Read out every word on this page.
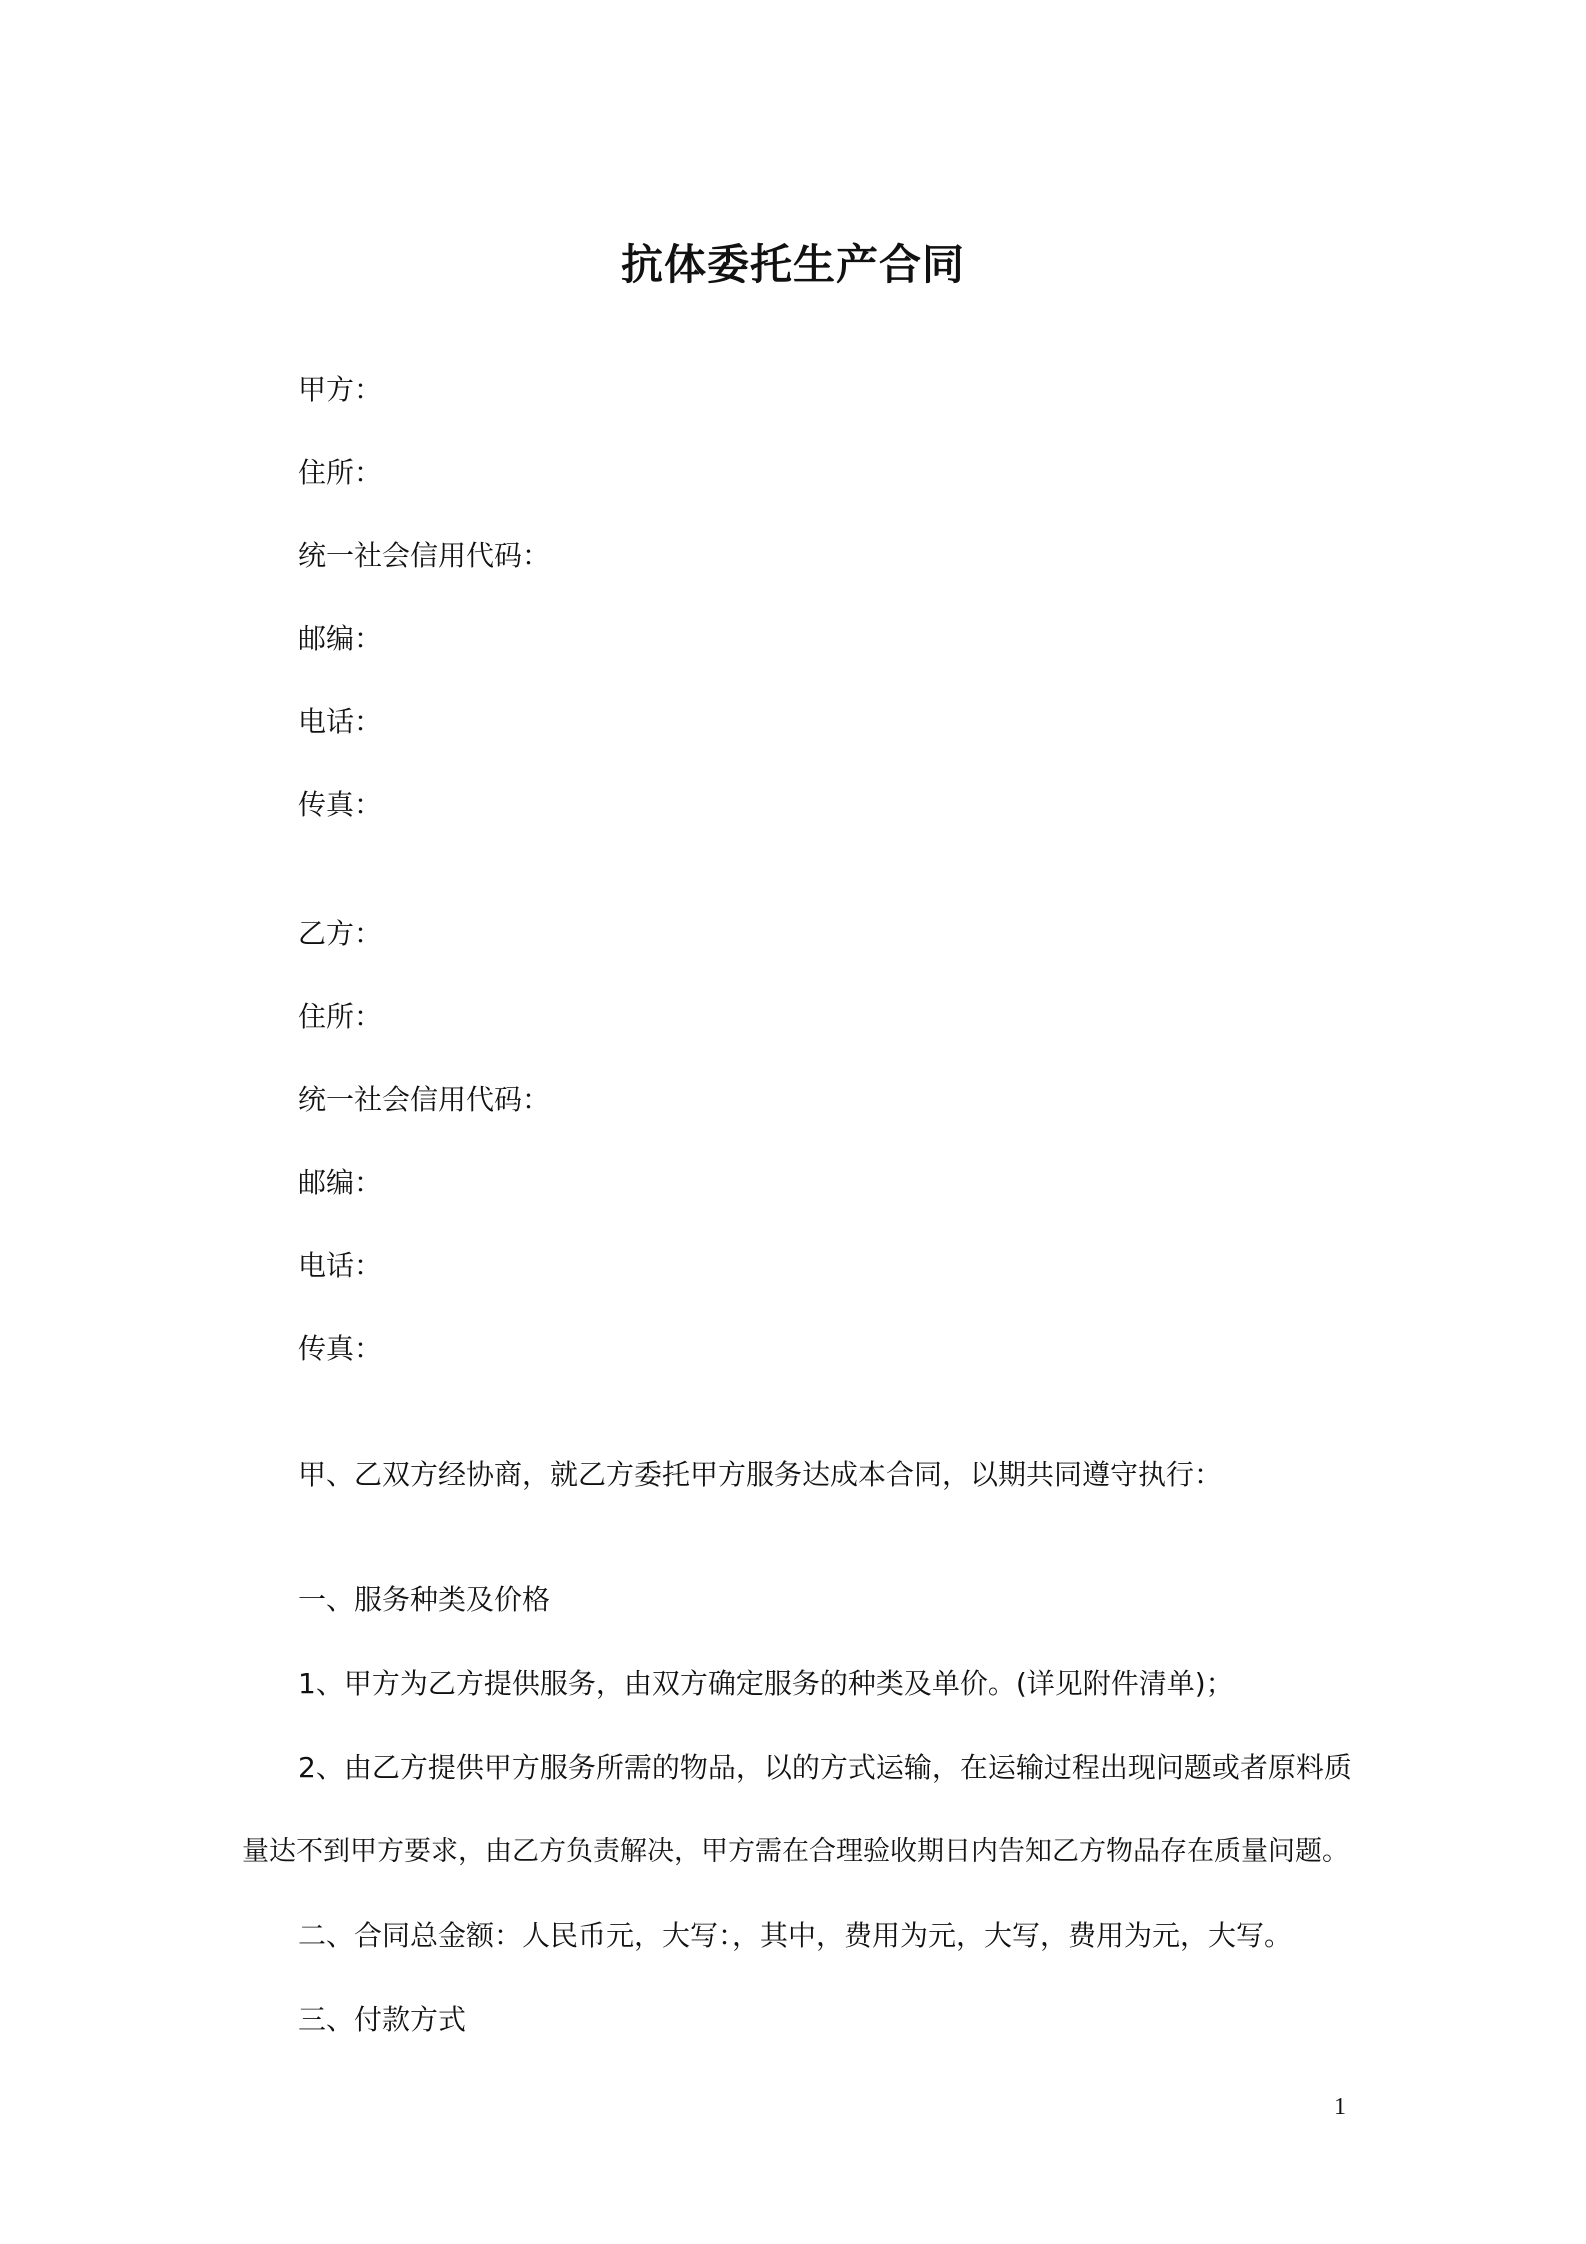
抗体委托生产合同
甲方：
住所：
统一社会信用代码：
邮编：
电话：
传真：
乙方：
住所：
统一社会信用代码：
邮编：
电话：
传真：
甲、乙双方经协商，就乙方委托甲方服务达成本合同，以期共同遵守执行：
一、服务种类及价格
1、甲方为乙方提供服务，由双方确定服务的种类及单价。(详见附件清单)；
2、由乙方提供甲方服务所需的物品，以的方式运输，在运输过程出现问题或者原料质
量达不到甲方要求，由乙方负责解决，甲方需在合理验收期日内告知乙方物品存在质量问题。
二、合同总金额：人民币元，大写：，其中，费用为元，大写，费用为元，大写。
三、付款方式
1
